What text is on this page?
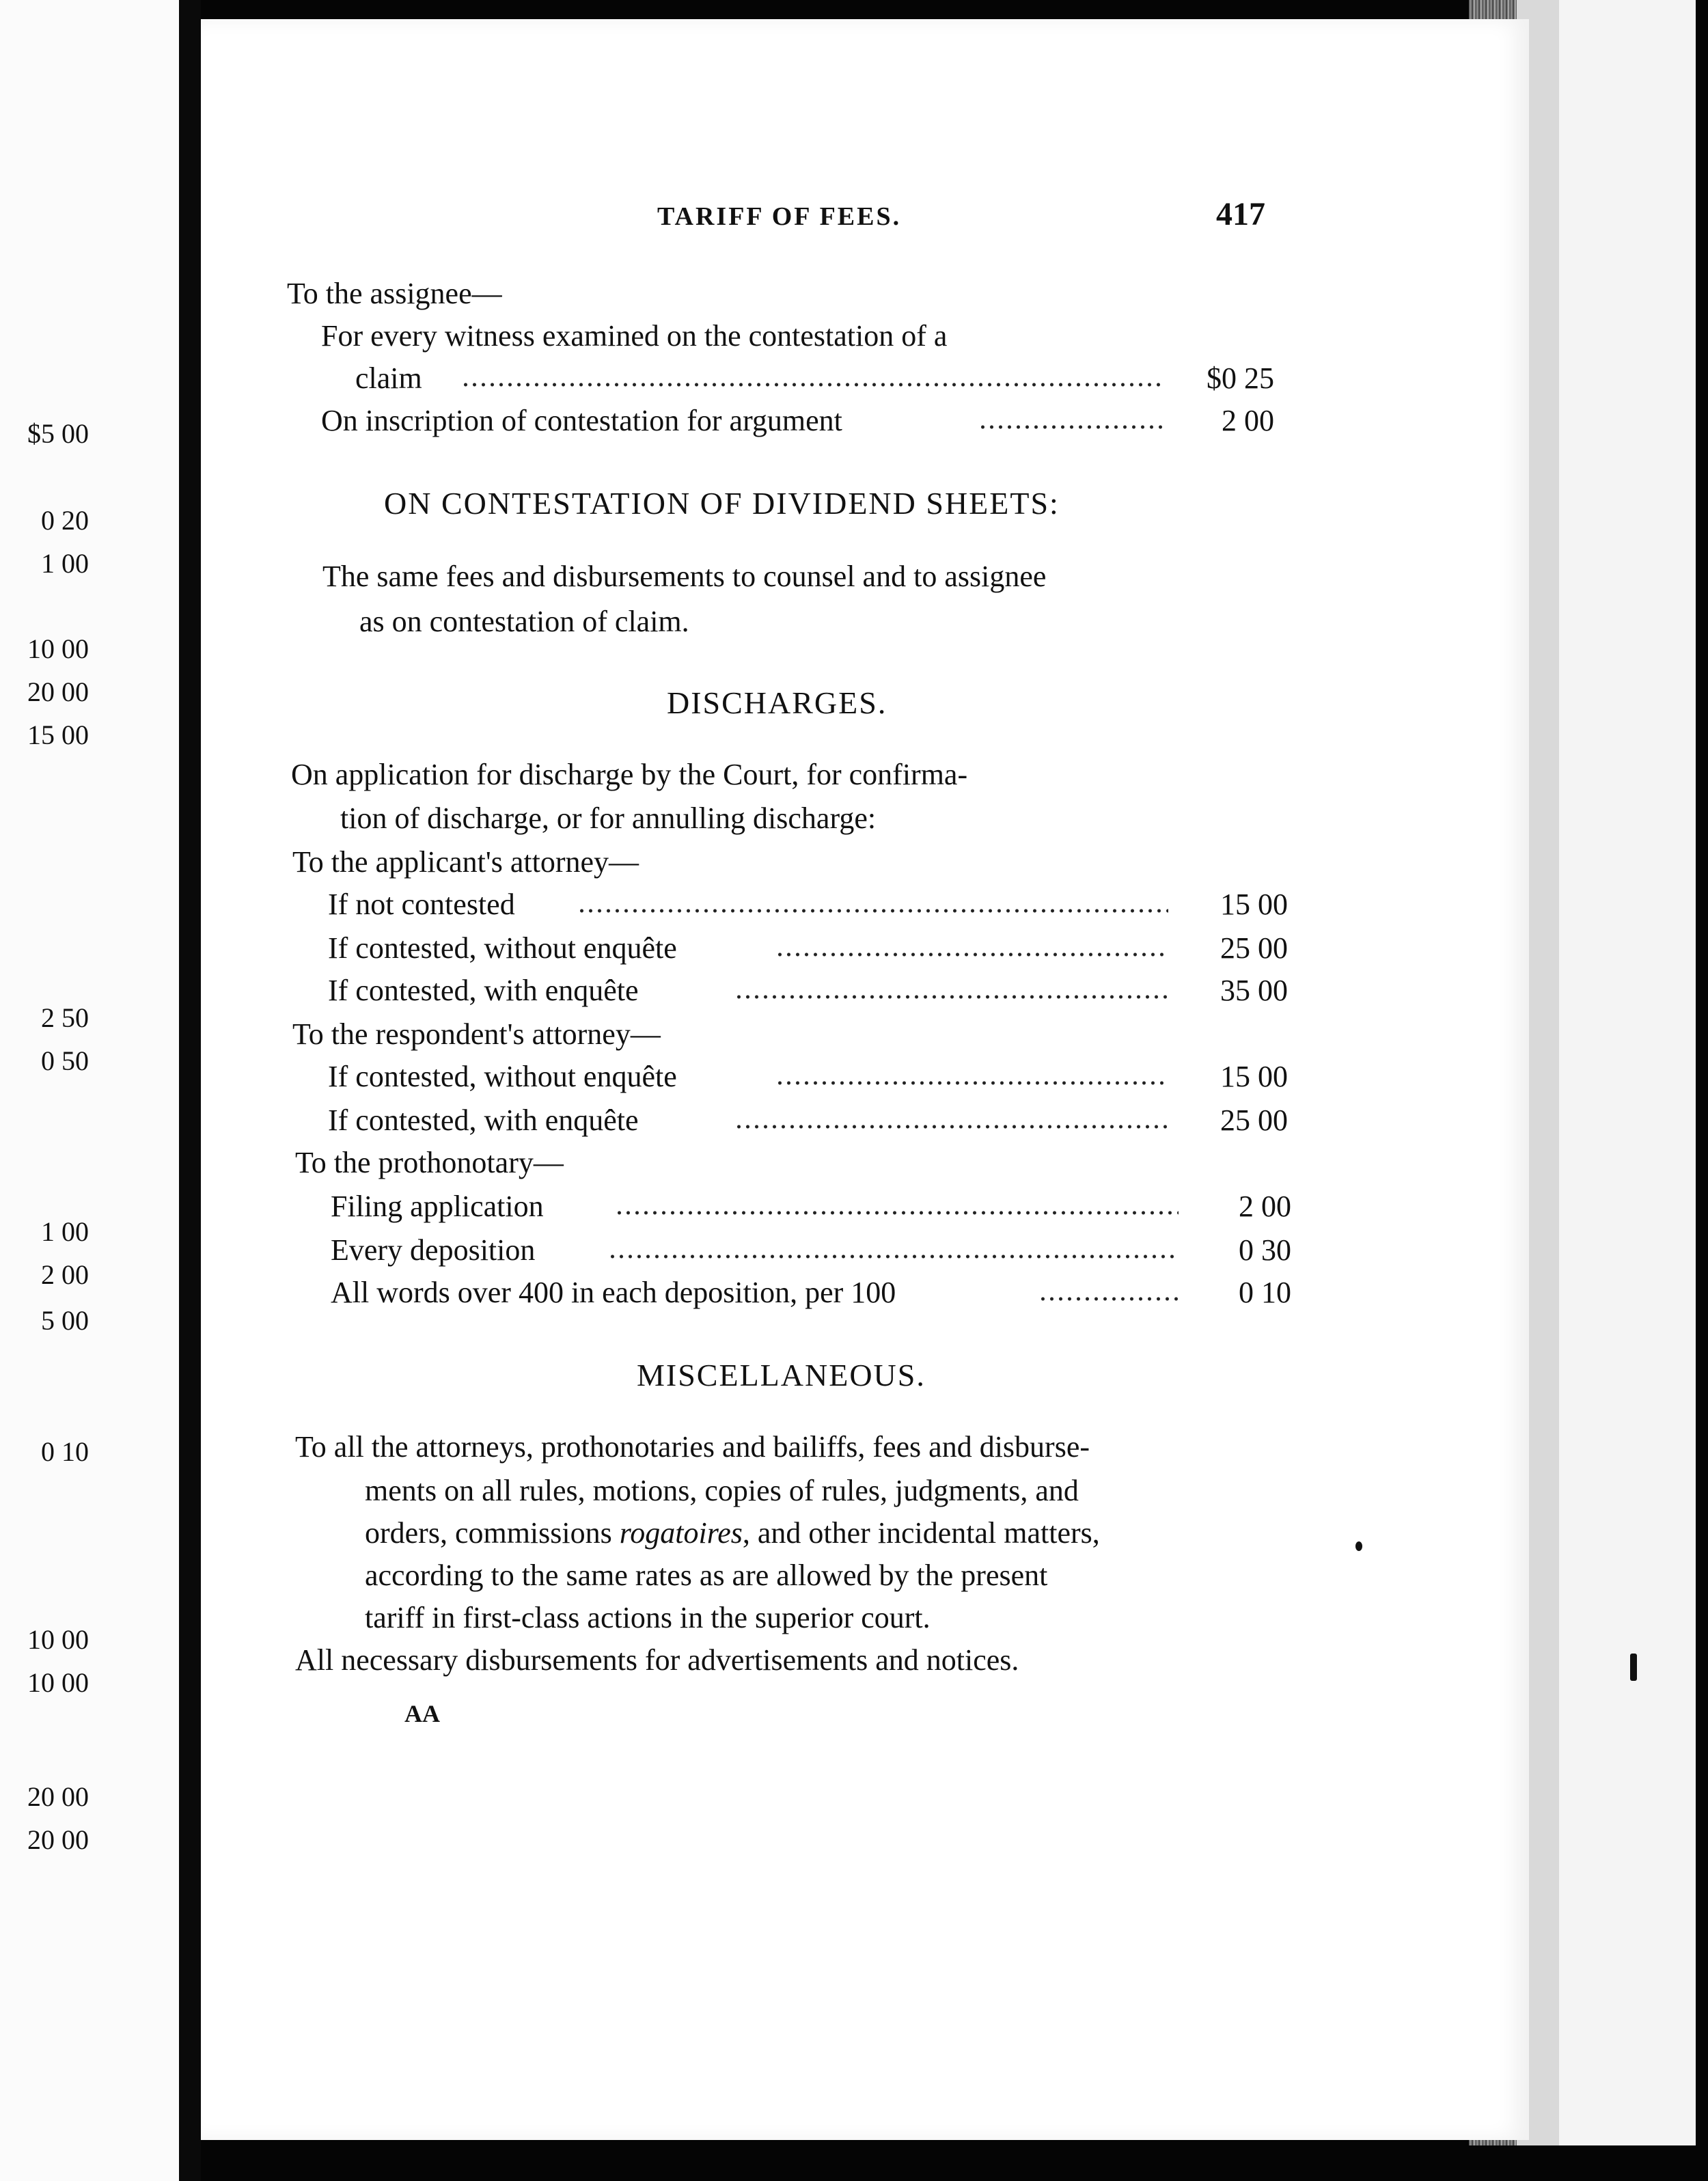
$5 00
0 20
1 00
10 00
20 00
15 00
2 50
0 50
1 00
2 00
5 00
0 10
10 00
10 00
20 00
20 00
TARIFF OF FEES.	417
To the assignee—
For every witness examined on the contestation of a
claim	$0 25
On inscription of contestation for argument	2 00
ON CONTESTATION OF DIVIDEND SHEETS:
The same fees and disbursements to counsel and to assignee
as on contestation of claim.
DISCHARGES.
On application for discharge by the Court, for confirma-
tion of discharge, or for annulling discharge:
To the applicant's attorney—
If not contested	15 00
If contested, without enquête	25 00
If contested, with enquête	35 00
To the respondent's attorney—
If contested, without enquête	15 00
If contested, with enquête	25 00
To the prothonotary—
Filing application	2 00
Every deposition	0 30
All words over 400 in each deposition, per 100	0 10
MISCELLANEOUS.
To all the attorneys, prothonotaries and bailiffs, fees and disburse-
ments on all rules, motions, copies of rules, judgments, and
orders, commissions rogatoires, and other incidental matters,
according to the same rates as are allowed by the present
tariff in first-class actions in the superior court.
All necessary disbursements for advertisements and notices.
AA
